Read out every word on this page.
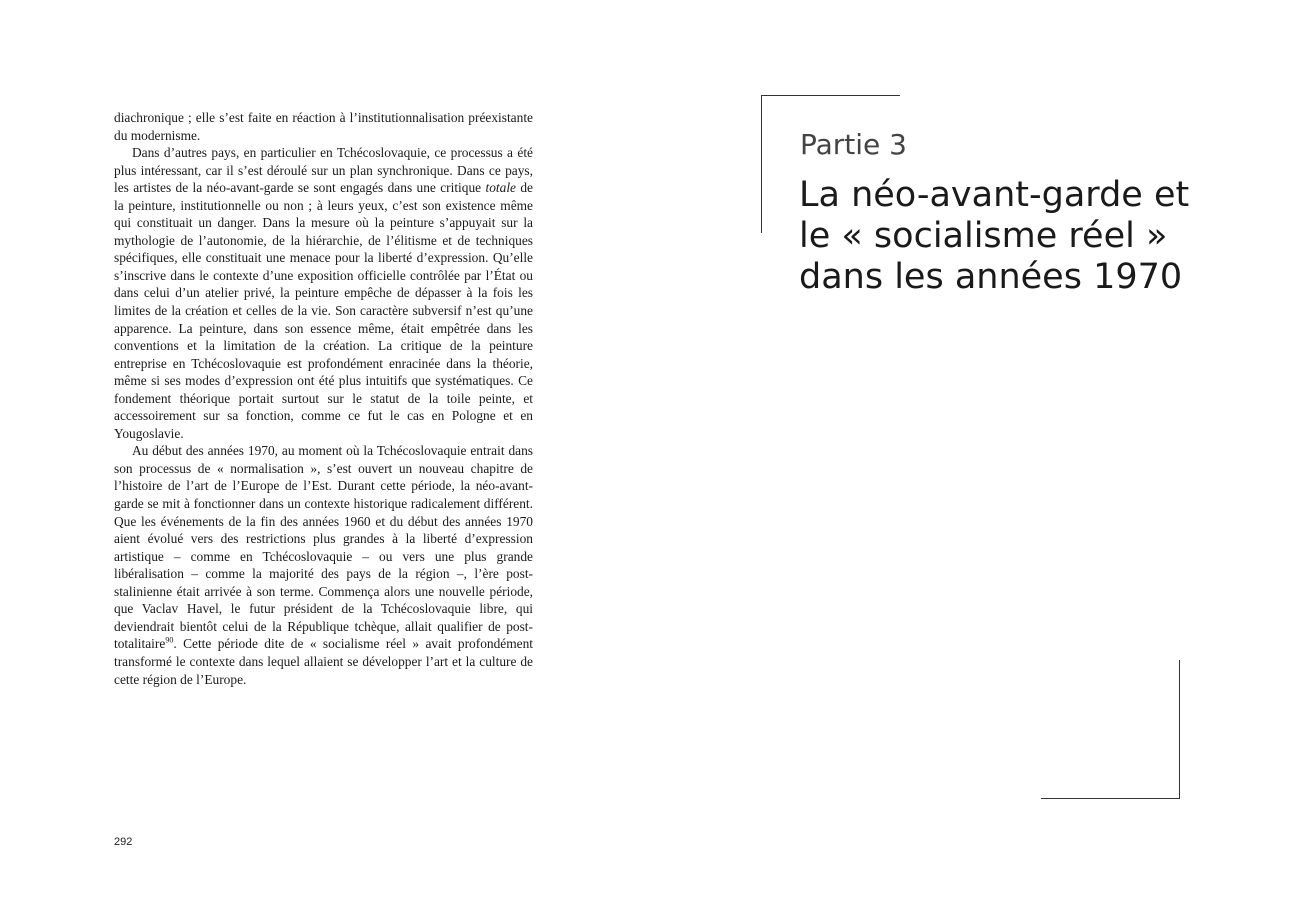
diachronique ; elle s’est faite en réaction à l’institutionnalisation préexistante du modernisme.

Dans d’autres pays, en particulier en Tchécoslovaquie, ce processus a été plus intéressant, car il s’est déroulé sur un plan synchronique. Dans ce pays, les artistes de la néo-avant-garde se sont engagés dans une critique totale de la peinture, institutionnelle ou non ; à leurs yeux, c’est son existence même qui constituait un danger. Dans la mesure où la peinture s’appuyait sur la mythologie de l’autonomie, de la hiérarchie, de l’élitisme et de techniques spécifiques, elle constituait une menace pour la liberté d’expression. Qu’elle s’inscrive dans le contexte d’une exposition officielle contrôlée par l’État ou dans celui d’un atelier privé, la peinture empêche de dépasser à la fois les limites de la création et celles de la vie. Son caractère subversif n’est qu’une apparence. La peinture, dans son essence même, était empêtrée dans les conventions et la limitation de la création. La critique de la peinture entreprise en Tchécoslovaquie est profondément enracinée dans la théorie, même si ses modes d’expression ont été plus intuitifs que systématiques. Ce fondement théorique portait surtout sur le statut de la toile peinte, et accessoirement sur sa fonction, comme ce fut le cas en Pologne et en Yougoslavie.

Au début des années 1970, au moment où la Tchécoslovaquie entrait dans son processus de « normalisation », s’est ouvert un nouveau chapitre de l’histoire de l’art de l’Europe de l’Est. Durant cette période, la néo-avant-garde se mit à fonctionner dans un contexte historique radicalement différent. Que les événements de la fin des années 1960 et du début des années 1970 aient évolué vers des restrictions plus grandes à la liberté d’expression artistique – comme en Tchécoslovaquie – ou vers une plus grande libéralisation – comme la majorité des pays de la région –, l’ère post-stalinienne était arrivée à son terme. Commença alors une nouvelle période, que Vaclav Havel, le futur président de la Tchécoslovaquie libre, qui deviendrait bientôt celui de la République tchèque, allait qualifier de post-totalitaire$^{90}$. Cette période dite de « socialisme réel » avait profondément transformé le contexte dans lequel allaient se développer l’art et la culture de cette région de l’Europe.

292
Partie 3
La néo-avant-garde et
le « socialisme réel »
dans les années 1970
